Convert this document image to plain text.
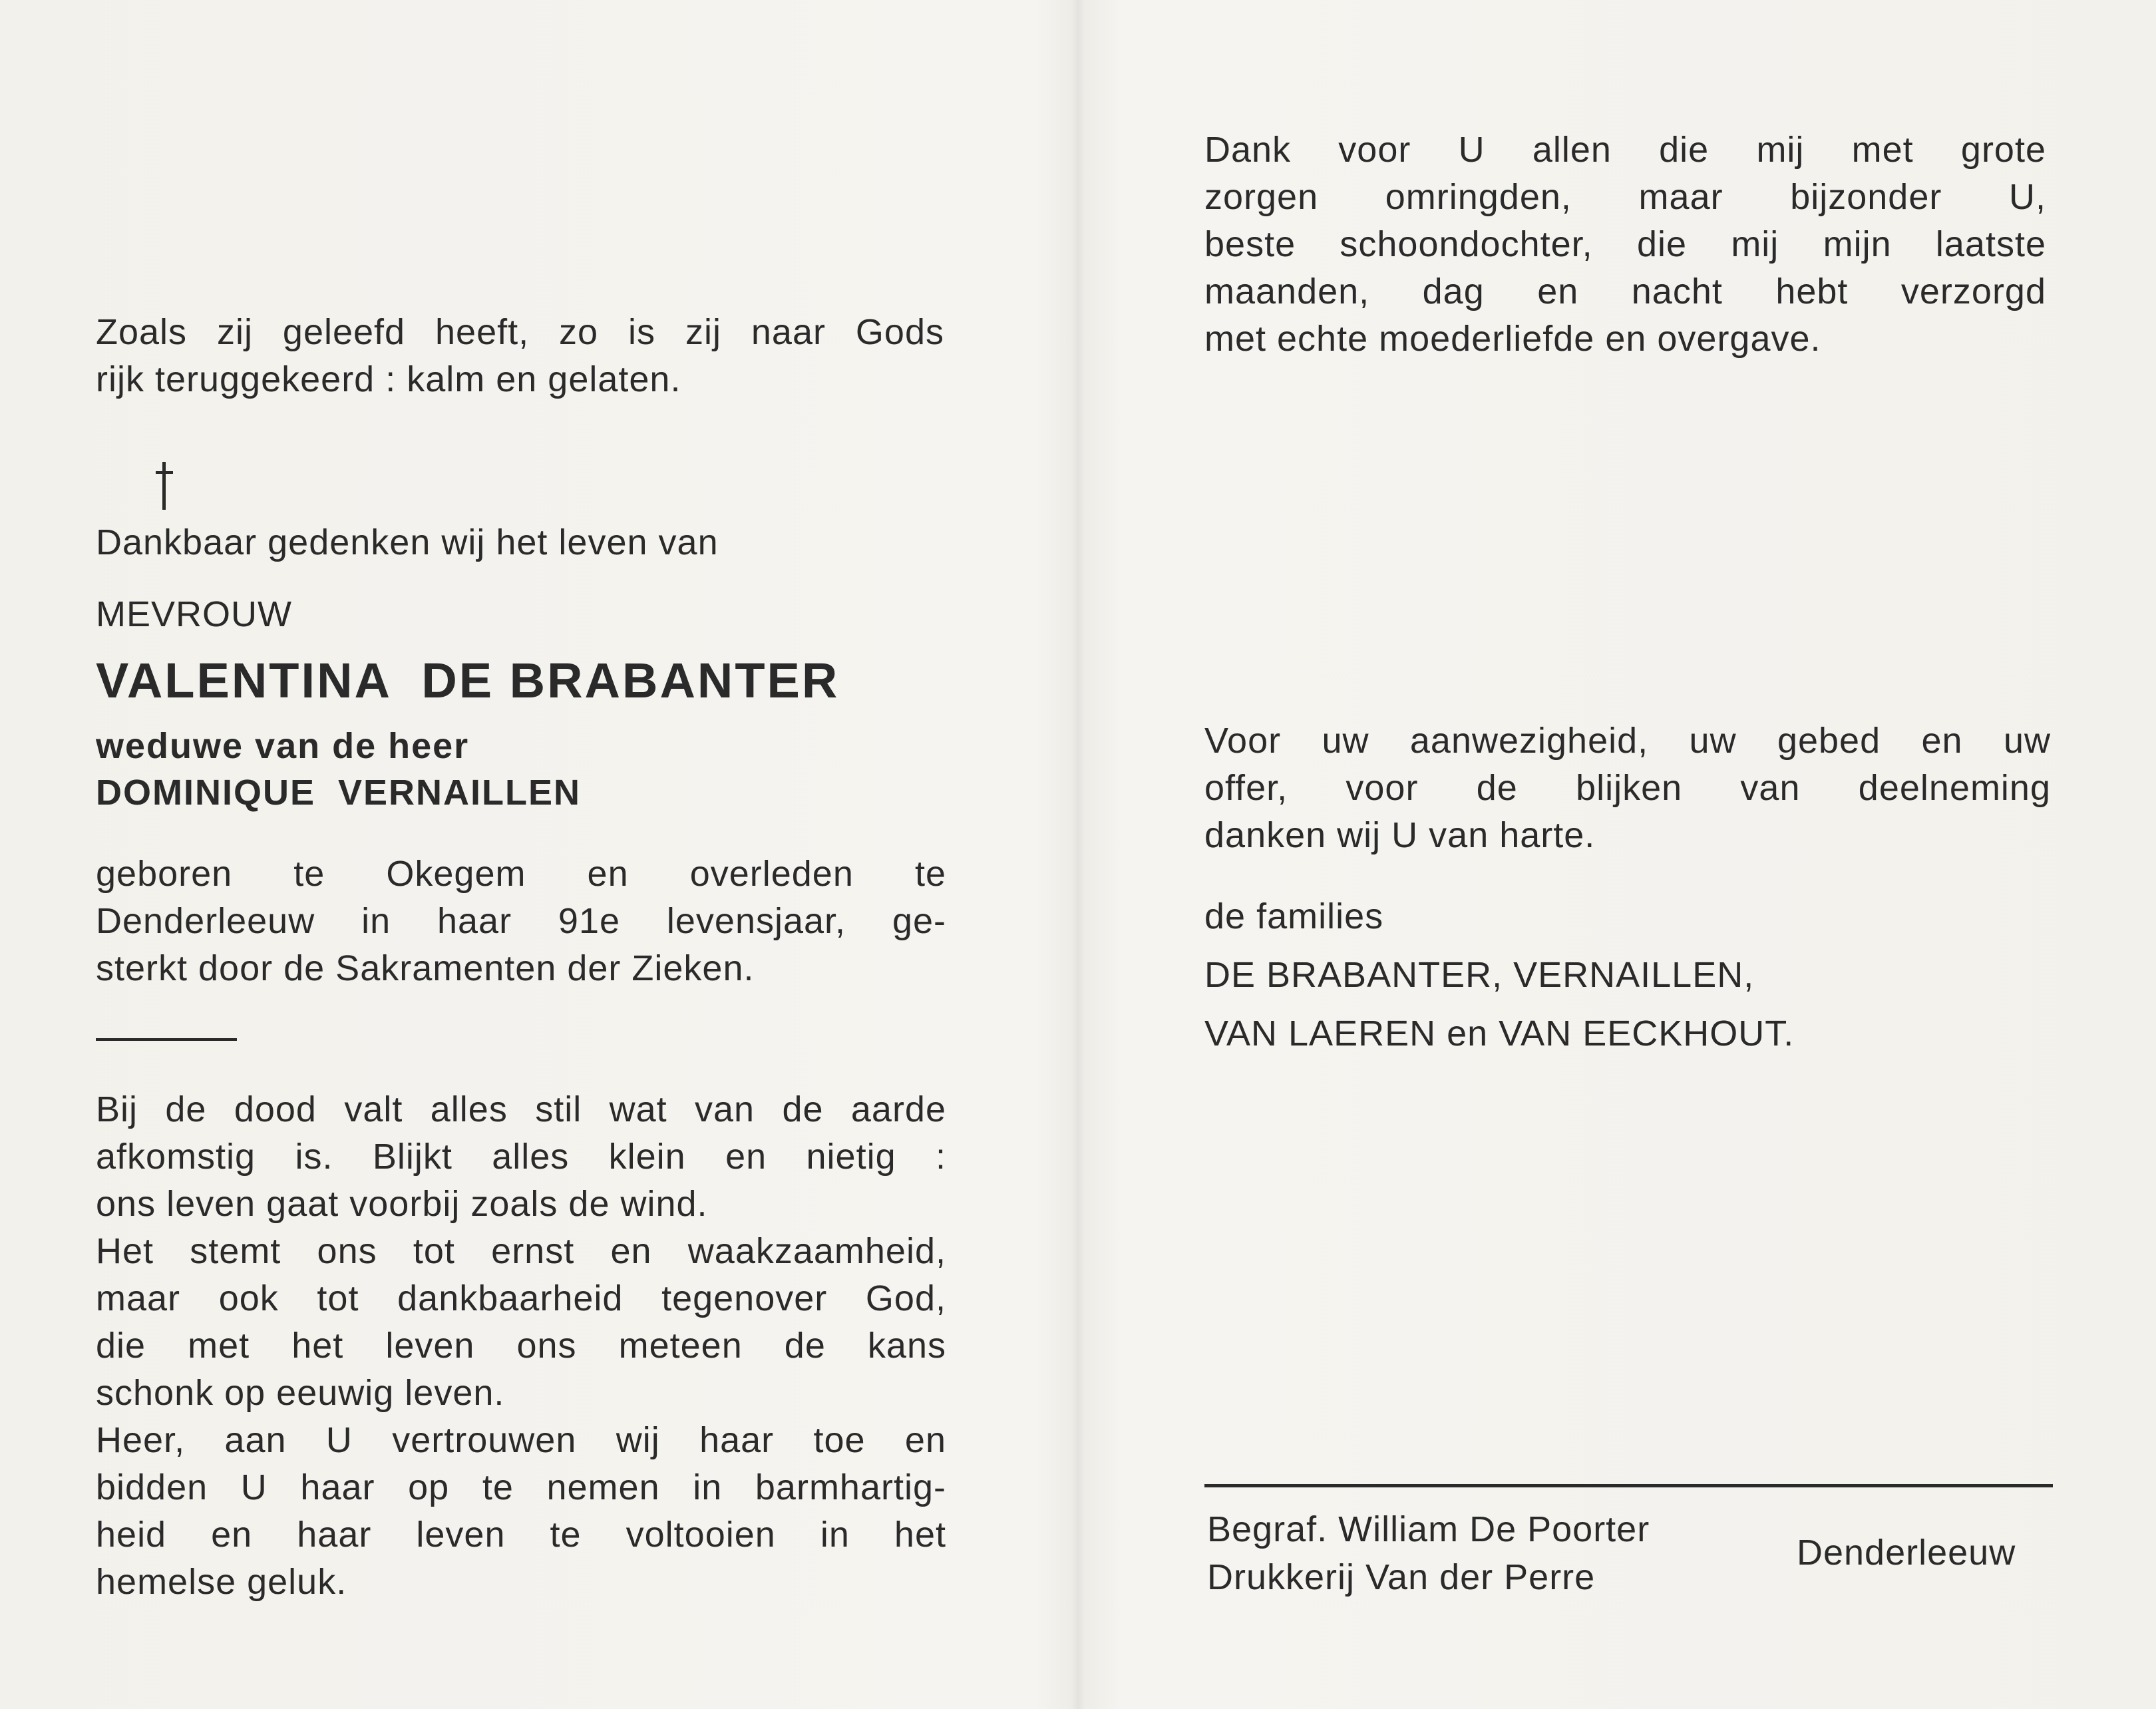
Zoals zij geleefd heeft, zo is zij naar Gods
rijk teruggekeerd : kalm en gelaten.
Dankbaar gedenken wij het leven van
MEVROUW
VALENTINA  DE BRABANTER
weduwe van de heer
DOMINIQUE  VERNAILLEN
geboren te Okegem en overleden te
Denderleeuw in haar 91e levensjaar, ge-
sterkt door de Sakramenten der Zieken.
Bij de dood valt alles stil wat van de aarde
afkomstig is. Blijkt alles klein en nietig :
ons leven gaat voorbij zoals de wind.
Het stemt ons tot ernst en waakzaamheid,
maar ook tot dankbaarheid tegenover God,
die met het leven ons meteen de kans
schonk op eeuwig leven.
Heer, aan U vertrouwen wij haar toe en
bidden U haar op te nemen in barmhartig-
heid en haar leven te voltooien in het
hemelse geluk.
Dank voor U allen die mij met grote
zorgen omringden, maar bijzonder U,
beste schoondochter, die mij mijn laatste
maanden, dag en nacht hebt verzorgd
met echte moederliefde en overgave.
Voor uw aanwezigheid, uw gebed en uw
offer, voor de blijken van deelneming
danken wij U van harte.
de families
DE BRABANTER, VERNAILLEN,
VAN LAEREN en VAN EECKHOUT.
Begraf. William De Poorter
Drukkerij Van der Perre
Denderleeuw
